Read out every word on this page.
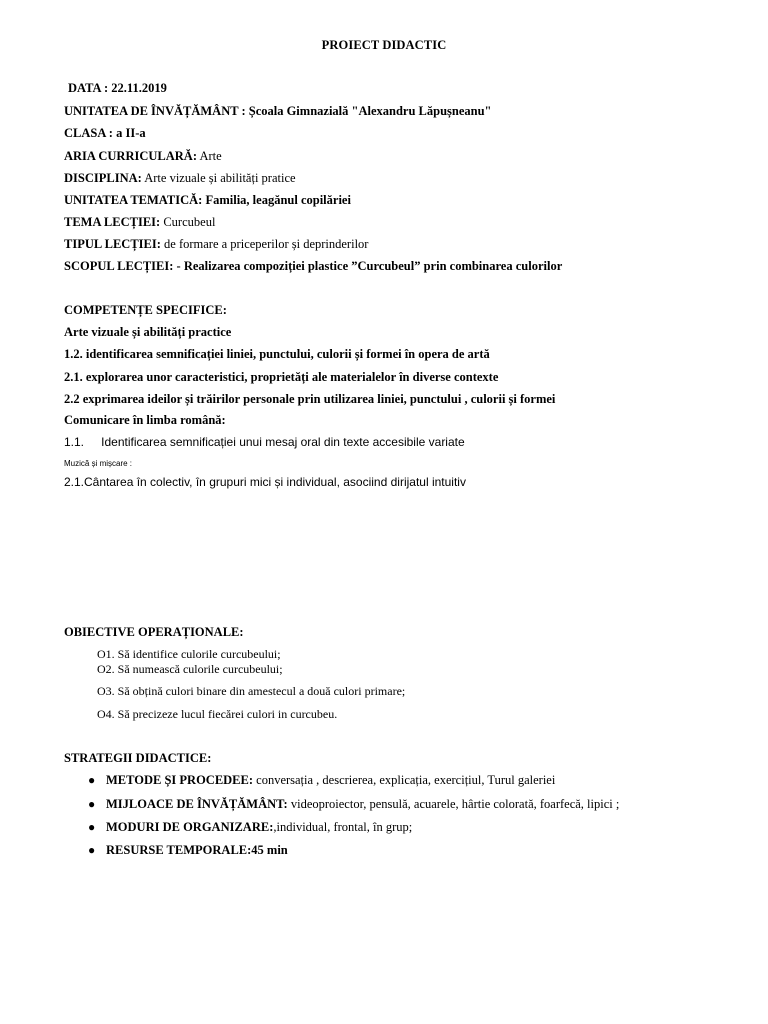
PROIECT DIDACTIC
DATA : 22.11.2019
UNITATEA DE ÎNVĂȚĂMÂNT : Școala Gimnazială "Alexandru Lăpușneanu"
CLASA : a II-a
ARIA CURRICULARĂ: Arte
DISCIPLINA: Arte vizuale și abilități pratice
UNITATEA TEMATICĂ: Familia, leagănul copilăriei
TEMA LECȚIEI: Curcubeul
TIPUL LECȚIEI: de formare a priceperilor și deprinderilor
SCOPUL LECȚIEI: - Realizarea compoziției plastice ”Curcubeul” prin combinarea culorilor
COMPETENȚE SPECIFICE:
Arte vizuale și abilități practice
1.2. identificarea semnificației liniei, punctului, culorii și formei în opera de artă
2.1. explorarea unor caracteristici, proprietăți ale materialelor în diverse contexte
2.2 exprimarea ideilor și trăirilor personale prin utilizarea liniei, punctului , culorii și formei
Comunicare în limba română:
1.1. Identificarea semnificației unui mesaj oral din texte accesibile variate
Muzică și mișcare :
2.1.Cântarea în colectiv, în grupuri mici și individual, asociind dirijatul intuitiv
OBIECTIVE OPERAȚIONALE:
O1. Să identifice culorile curcubeului;
O2. Să numească culorile curcubeului;
O3. Să obțină culori binare din amestecul a două culori primare;
O4. Să precizeze lucul fiecărei culori in curcubeu.
STRATEGII DIDACTICE:
● METODE ȘI PROCEDEE: conversația , descrierea, explicația, exercițiul, Turul galeriei
● MIJLOACE DE ÎNVĂȚĂMÂNT: videoproiector, pensulă, acuarele, hârtie colorată, foarfecă, lipici ;
● MODURI DE ORGANIZARE:,individual, frontal, în grup;
● RESURSE TEMPORALE:45 min
